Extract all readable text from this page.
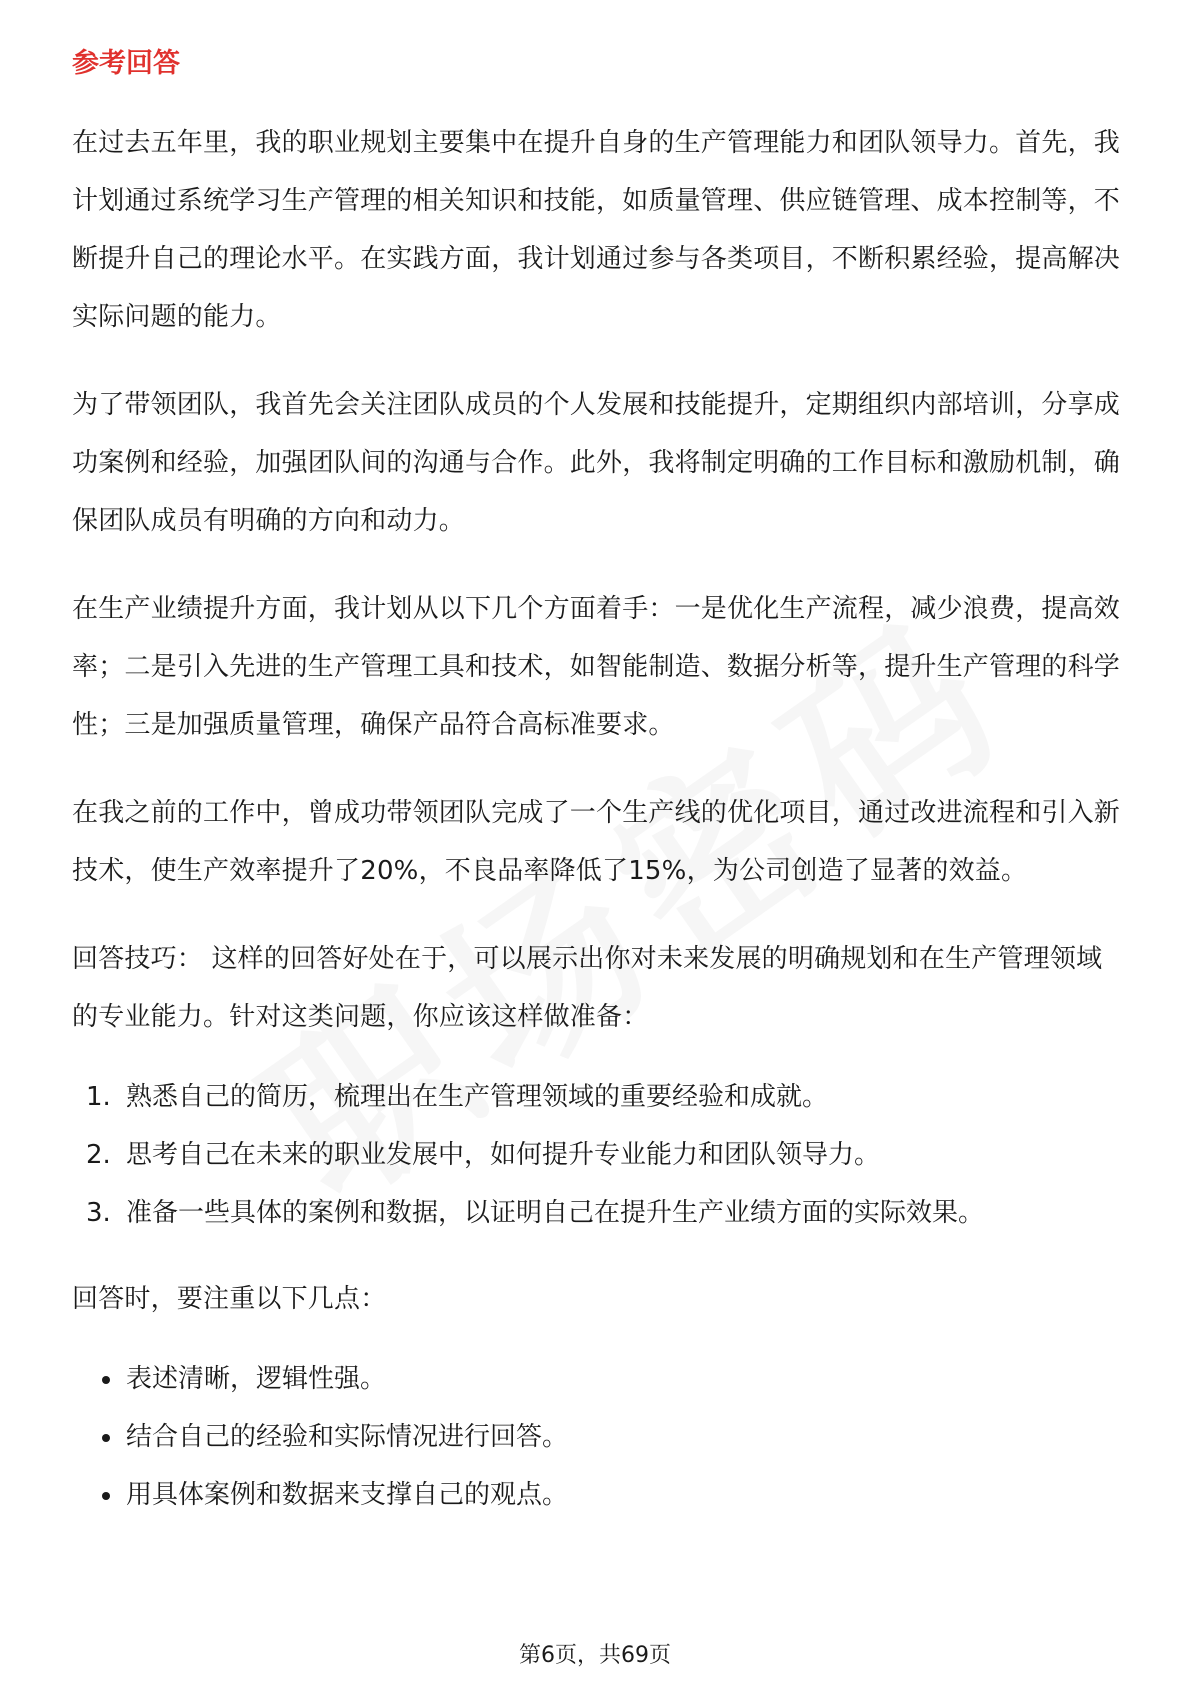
参考回答

在过去五年里，我的职业规划主要集中在提升自身的生产管理能力和团队领导力。首先，我计划通过系统学习生产管理的相关知识和技能，如质量管理、供应链管理、成本控制等，不断提升自己的理论水平。在实践方面，我计划通过参与各类项目，不断积累经验，提高解决实际问题的能力。

为了带领团队，我首先会关注团队成员的个人发展和技能提升，定期组织内部培训，分享成功案例和经验，加强团队间的沟通与合作。此外，我将制定明确的工作目标和激励机制，确保团队成员有明确的方向和动力。

在生产业绩提升方面，我计划从以下几个方面着手：一是优化生产流程，减少浪费，提高效率；二是引入先进的生产管理工具和技术，如智能制造、数据分析等，提升生产管理的科学性；三是加强质量管理，确保产品符合高标准要求。

在我之前的工作中，曾成功带领团队完成了一个生产线的优化项目，通过改进流程和引入新技术，使生产效率提升了20%，不良品率降低了15%，为公司创造了显著的效益。

回答技巧： 这样的回答好处在于，可以展示出你对未来发展的明确规划和在生产管理领域的专业能力。针对这类问题，你应该这样做准备：

1. 熟悉自己的简历，梳理出在生产管理领域的重要经验和成就。
2. 思考自己在未来的职业发展中，如何提升专业能力和团队领导力。
3. 准备一些具体的案例和数据，以证明自己在提升生产业绩方面的实际效果。

回答时，要注重以下几点：

表述清晰，逻辑性强。
结合自己的经验和实际情况进行回答。
用具体案例和数据来支撑自己的观点。
第6页，共69页
